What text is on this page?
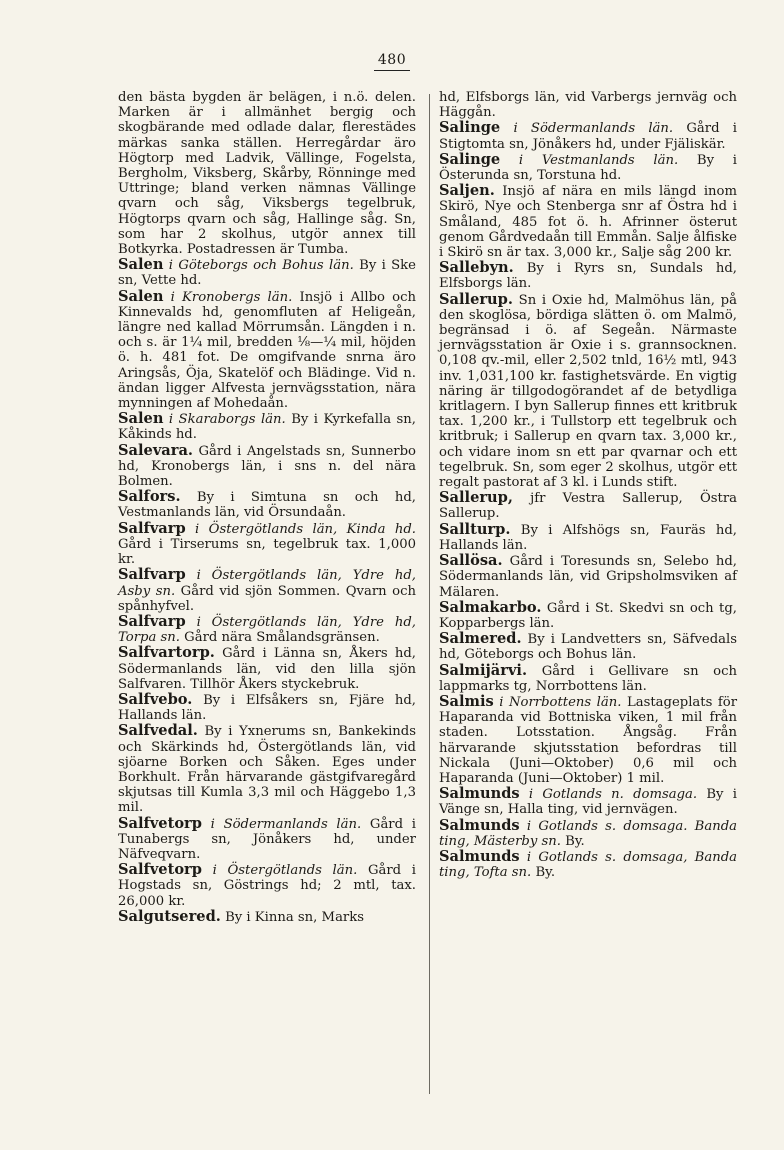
480

den bästa bygden är belägen, i n.ö. delen. Marken är i allmänhet bergig och skogbärande med odlade dalar, flerestädes märkas sanka ställen. Herregårdar äro Högtorp med Ladvik, Vällinge, Fogelsta, Bergholm, Viksberg, Skårby, Rönninge med Uttringe; bland verken nämnas Vällinge qvarn och såg, Viksbergs tegelbruk, Högtorps qvarn och såg, Hallinge såg. Sn, som har 2 skolhus, utgör annex till Botkyrka. Postadressen är Tumba.

Salen i Göteborgs och Bohus län. By i Ske sn, Vette hd.

Salen i Kronobergs län. Insjö i Allbo och Kinnevalds hd, genomfluten af Heligeån, längre ned kallad Mörrumsån. Längden i n. och s. är 1¼ mil, bredden ⅛—¼ mil, höjden ö. h. 481 fot. De omgifvande snrna äro Aringsås, Öja, Skatelöf och Blädinge. Vid n. ändan ligger Alfvesta jernvägsstation, nära mynningen af Mohedaån.

Salen i Skaraborgs län. By i Kyrkefalla sn, Kåkinds hd.

Salevara. Gård i Angelstads sn, Sunnerbo hd, Kronobergs län, i sns n. del nära Bolmen.

Salfors. By i Simtuna sn och hd, Vestmanlands län, vid Örsundaån.

Salfvarp i Östergötlands län, Kinda hd. Gård i Tirserums sn, tegelbruk tax. 1,000 kr.

Salfvarp i Östergötlands län, Ydre hd, Asby sn. Gård vid sjön Sommen. Qvarn och spånhyfvel.

Salfvarp i Östergötlands län, Ydre hd, Torpa sn. Gård nära Smålandsgränsen.

Salfvartorp. Gård i Länna sn, Åkers hd, Södermanlands län, vid den lilla sjön Salfvaren. Tillhör Åkers styckebruk.

Salfvebo. By i Elfsåkers sn, Fjäre hd, Hallands län.

Salfvedal. By i Yxnerums sn, Bankekinds och Skärkinds hd, Östergötlands län, vid sjöarne Borken och Såken. Eges under Borkhult. Från härvarande gästgifvaregård skjutsas till Kumla 3,3 mil och Häggebo 1,3 mil.

Salfvetorp i Södermanlands län. Gård i Tunabergs sn, Jönåkers hd, under Näfveqvarn.

Salfvetorp i Östergötlands län. Gård i Hogstads sn, Göstrings hd; 2 mtl, tax. 26,000 kr.

Salgutsered. By i Kinna sn, Marks

hd, Elfsborgs län, vid Varbergs jernväg och Häggån.

Salinge i Södermanlands län. Gård i Stigtomta sn, Jönåkers hd, under Fjäliskär.

Salinge i Vestmanlands län. By i Österunda sn, Torstuna hd.

Saljen. Insjö af nära en mils längd inom Skirö, Nye och Stenberga snr af Östra hd i Småland, 485 fot ö. h. Afrinner österut genom Gårdvedaån till Emmån. Salje ålfiske i Skirö sn är tax. 3,000 kr., Salje såg 200 kr.

Sallebyn. By i Ryrs sn, Sundals hd, Elfsborgs län.

Sallerup. Sn i Oxie hd, Malmöhus län, på den skoglösa, bördiga slätten ö. om Malmö, begränsad i ö. af Segeån. Närmaste jernvägsstation är Oxie i s. grannsocknen. 0,108 qv.-mil, eller 2,502 tnld, 16½ mtl, 943 inv. 1,031,100 kr. fastighetsvärde. En vigtig näring är tillgodogörandet af de betydliga kritlagern. I byn Sallerup finnes ett kritbruk tax. 1,200 kr., i Tullstorp ett tegelbruk och kritbruk; i Sallerup en qvarn tax. 3,000 kr., och vidare inom sn ett par qvarnar och ett tegelbruk. Sn, som eger 2 skolhus, utgör ett regalt pastorat af 3 kl. i Lunds stift.

Sallerup, jfr Vestra Sallerup, Östra Sallerup.

Sallturp. By i Alfshögs sn, Fauräs hd, Hallands län.

Sallösa. Gård i Toresunds sn, Selebo hd, Södermanlands län, vid Gripsholmsviken af Mälaren.

Salmakarbo. Gård i St. Skedvi sn och tg, Kopparbergs län.

Salmered. By i Landvetters sn, Säfvedals hd, Göteborgs och Bohus län.

Salmijärvi. Gård i Gellivare sn och lappmarks tg, Norrbottens län.

Salmis i Norrbottens län. Lastageplats för Haparanda vid Bottniska viken, 1 mil från staden. Lotsstation. Ångsåg. Från härvarande skjutsstation befordras till Nickala (Juni—Oktober) 0,6 mil och Haparanda (Juni—Oktober) 1 mil.

Salmunds i Gotlands n. domsaga. By i Vänge sn, Halla ting, vid jernvägen.

Salmunds i Gotlands s. domsaga. Banda ting, Mästerby sn. By.

Salmunds i Gotlands s. domsaga, Banda ting, Tofta sn. By.
